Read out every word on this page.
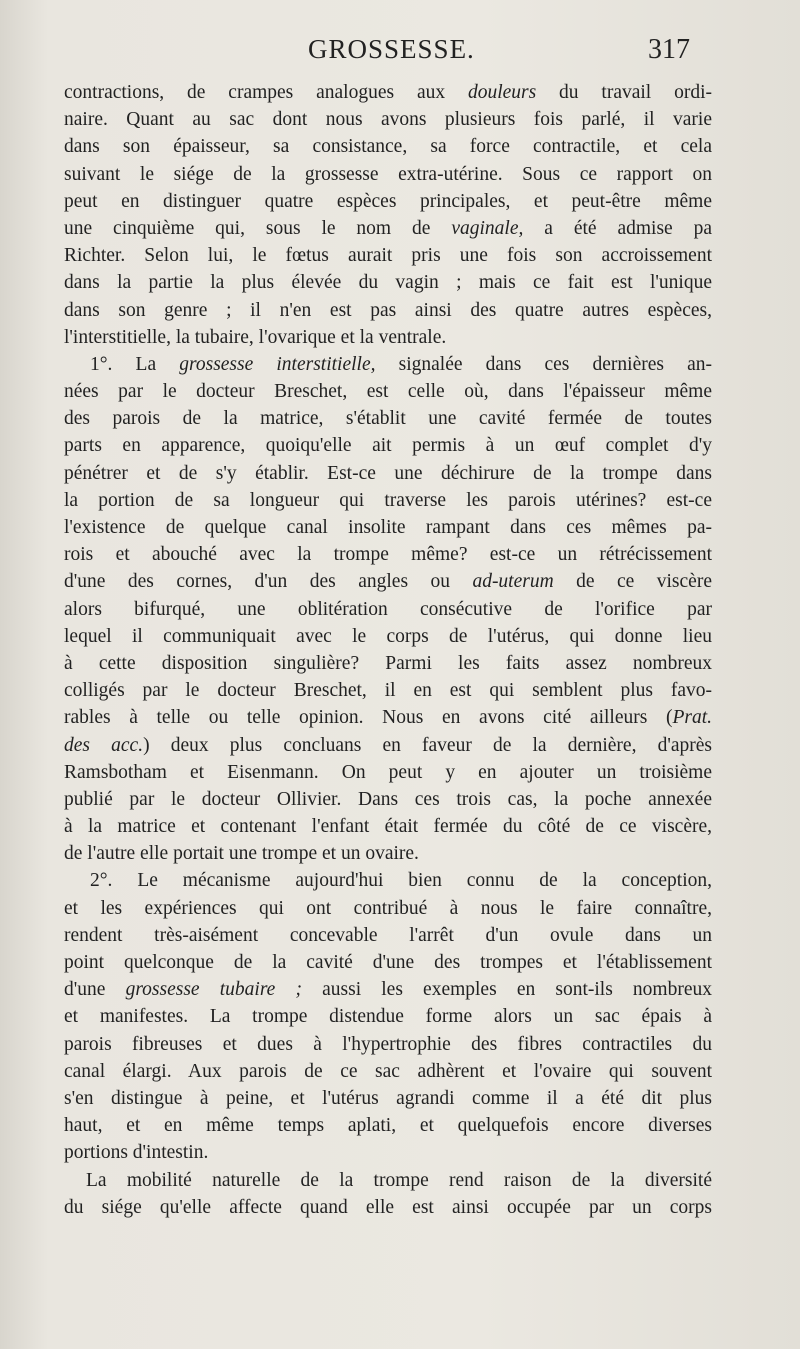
GROSSESSE.	317
contractions, de crampes analogues aux douleurs du travail ordi-
naire. Quant au sac dont nous avons plusieurs fois parlé, il varie
dans son épaisseur, sa consistance, sa force contractile, et cela
suivant le siége de la grossesse extra-utérine. Sous ce rapport on
peut en distinguer quatre espèces principales, et peut-être même
une cinquième qui, sous le nom de vaginale, a été admise pa
Richter. Selon lui, le fœtus aurait pris une fois son accroissement
dans la partie la plus élevée du vagin ; mais ce fait est l'unique
dans son genre ; il n'en est pas ainsi des quatre autres espèces,
l'interstitielle, la tubaire, l'ovarique et la ventrale.
1°. La grossesse interstitielle, signalée dans ces dernières an-
nées par le docteur Breschet, est celle où, dans l'épaisseur même
des parois de la matrice, s'établit une cavité fermée de toutes
parts en apparence, quoiqu'elle ait permis à un œuf complet d'y
pénétrer et de s'y établir. Est-ce une déchirure de la trompe dans
la portion de sa longueur qui traverse les parois utérines? est-ce
l'existence de quelque canal insolite rampant dans ces mêmes pa-
rois et abouché avec la trompe même? est-ce un rétrécissement
d'une des cornes, d'un des angles ou ad-uterum de ce viscère
alors bifurqué, une oblitération consécutive de l'orifice par
lequel il communiquait avec le corps de l'utérus, qui donne lieu
à cette disposition singulière? Parmi les faits assez nombreux
colligés par le docteur Breschet, il en est qui semblent plus favo-
rables à telle ou telle opinion. Nous en avons cité ailleurs (Prat.
des acc.) deux plus concluans en faveur de la dernière, d'après
Ramsbotham et Eisenmann. On peut y en ajouter un troisième
publié par le docteur Ollivier. Dans ces trois cas, la poche annexée
à la matrice et contenant l'enfant était fermée du côté de ce viscère,
de l'autre elle portait une trompe et un ovaire.
2°. Le mécanisme aujourd'hui bien connu de la conception,
et les expériences qui ont contribué à nous le faire connaître,
rendent très-aisément concevable l'arrêt d'un ovule dans un
point quelconque de la cavité d'une des trompes et l'établissement
d'une grossesse tubaire ; aussi les exemples en sont-ils nombreux
et manifestes. La trompe distendue forme alors un sac épais à
parois fibreuses et dues à l'hypertrophie des fibres contractiles du
canal élargi. Aux parois de ce sac adhèrent et l'ovaire qui souvent
s'en distingue à peine, et l'utérus agrandi comme il a été dit plus
haut, et en même temps aplati, et quelquefois encore diverses
portions d'intestin.
La mobilité naturelle de la trompe rend raison de la diversité
du siége qu'elle affecte quand elle est ainsi occupée par un corps
